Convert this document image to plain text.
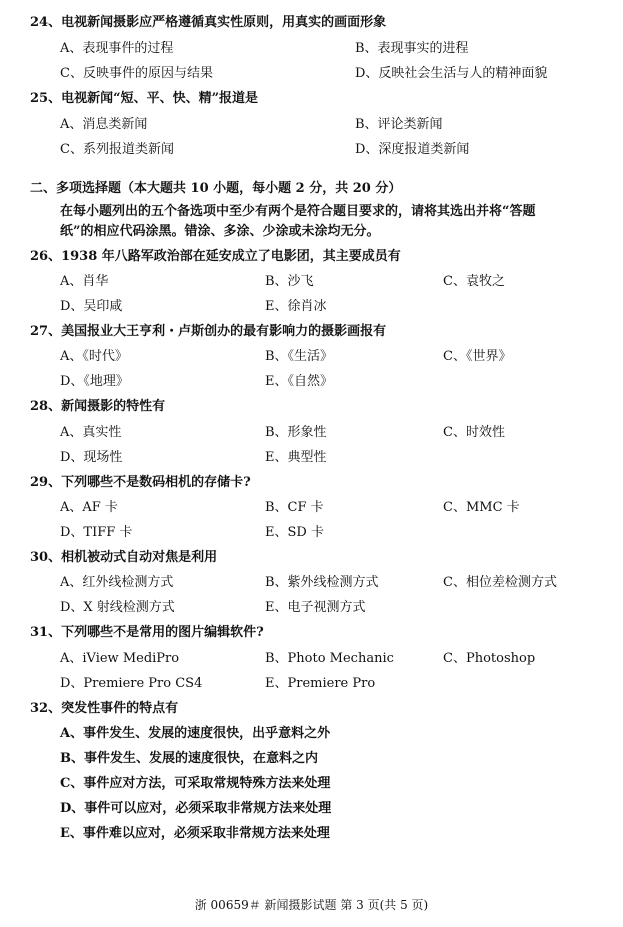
24、电视新闻摄影应严格遵循真实性原则，用真实的画面形象
A、表现事件的过程	B、表现事实的进程
C、反映事件的原因与结果	D、反映社会生活与人的精神面貌
25、电视新闻“短、平、快、精”报道是
A、消息类新闻	B、评论类新闻
C、系列报道类新闻	D、深度报道类新闻
二、多项选择题（本大题共 10 小题，每小题 2 分，共 20 分）
在每小题列出的五个备选项中至少有两个是符合题目要求的，请将其选出并将“答题
纸”的相应代码涂黑。错涂、多涂、少涂或未涂均无分。
26、1938 年八路军政治部在延安成立了电影团，其主要成员有
A、肖华	B、沙飞	C、袁牧之
D、吴印咸	E、徐肖冰
27、美国报业大王亨利・卢斯创办的最有影响力的摄影画报有
A、《时代》	B、《生活》	C、《世界》
D、《地理》	E、《自然》
28、新闻摄影的特性有
A、真实性	B、形象性	C、时效性
D、现场性	E、典型性
29、下列哪些不是数码相机的存储卡?
A、AF 卡	B、CF 卡	C、MMC 卡
D、TIFF 卡	E、SD 卡
30、相机被动式自动对焦是利用
A、红外线检测方式	B、紫外线检测方式	C、相位差检测方式
D、X 射线检测方式	E、电子视测方式
31、下列哪些不是常用的图片编辑软件?
A、iView MediPro	B、Photo Mechanic	C、Photoshop
D、Premiere Pro CS4	E、Premiere Pro
32、突发性事件的特点有
A、事件发生、发展的速度很快，出乎意料之外
B、事件发生、发展的速度很快，在意料之内
C、事件应对方法，可采取常规特殊方法来处理
D、事件可以应对，必须采取非常规方法来处理
E、事件难以应对，必须采取非常规方法来处理
浙 00659＃ 新闻摄影试题 第 3 页(共 5 页)
